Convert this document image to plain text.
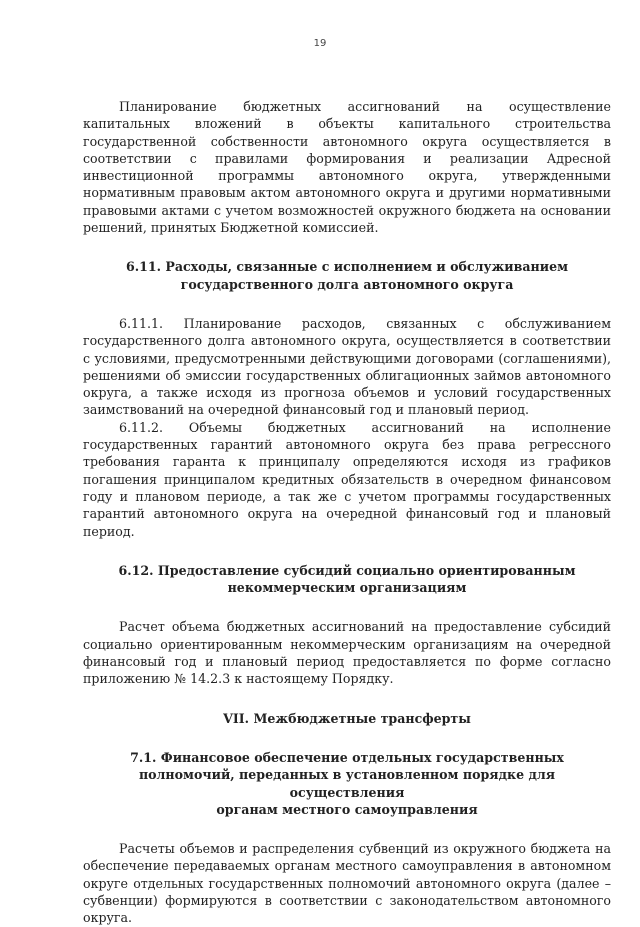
19

Планирование бюджетных ассигнований на осуществление капитальных вложений в объекты капитального строительства государственной собственности автономного округа осуществляется в соответствии с правилами формирования и реализации Адресной инвестиционной программы автономного округа, утвержденными нормативным правовым актом автономного округа и другими нормативными правовыми актами с учетом возможностей окружного бюджета на основании решений, принятых Бюджетной комиссией.

6.11. Расходы, связанные с исполнением и обслуживанием
государственного долга автономного округа

6.11.1. Планирование расходов, связанных с обслуживанием государственного долга автономного округа, осуществляется в соответствии с условиями, предусмотренными действующими договорами (соглашениями), решениями об эмиссии государственных облигационных займов автономного округа, а также исходя из прогноза объемов и условий государственных заимствований на очередной финансовый год и плановый период.

6.11.2. Объемы бюджетных ассигнований на исполнение государственных гарантий автономного округа без права регрессного требования гаранта к принципалу определяются исходя из графиков погашения принципалом кредитных обязательств в очередном финансовом году и плановом периоде, а так же с учетом программы государственных гарантий автономного округа на очередной финансовый год и плановый период.

6.12. Предоставление субсидий социально ориентированным
некоммерческим организациям

Расчет объема бюджетных ассигнований на предоставление субсидий социально ориентированным некоммерческим организациям на очередной финансовый год и плановый период предоставляется по форме согласно приложению № 14.2.3 к настоящему Порядку.

VII. Межбюджетные трансферты
7.1. Финансовое обеспечение отдельных государственных
полномочий, переданных в установленном порядке для осуществления
органам местного самоуправления

Расчеты объемов и распределения субвенций из окружного бюджета на обеспечение передаваемых органам местного самоуправления в автономном округе отдельных государственных полномочий автономного округа (далее – субвенции) формируются в соответствии с законодательством автономного округа.
